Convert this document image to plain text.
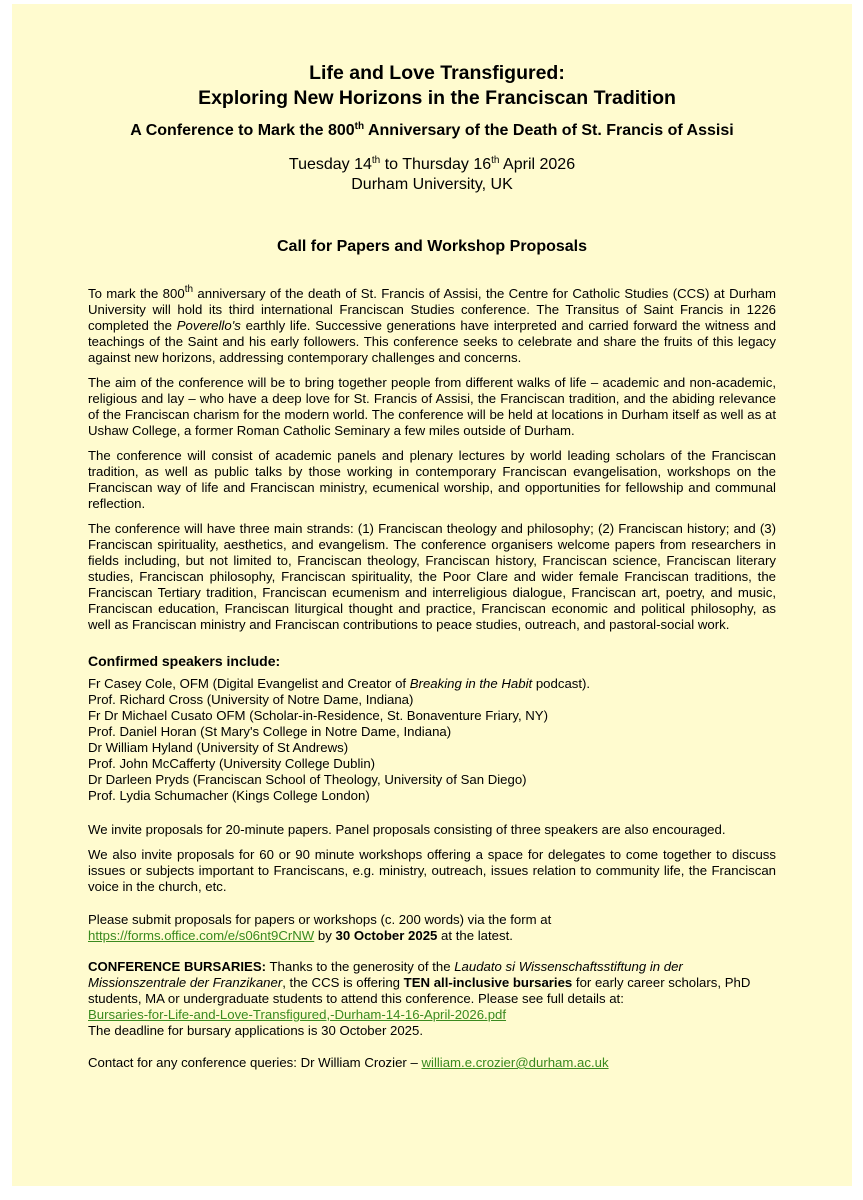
Life and Love Transfigured:
Exploring New Horizons in the Franciscan Tradition
A Conference to Mark the 800th Anniversary of the Death of St. Francis of Assisi
Tuesday 14th to Thursday 16th April 2026
Durham University, UK
Call for Papers and Workshop Proposals

To mark the 800th anniversary of the death of St. Francis of Assisi, the Centre for Catholic Studies (CCS) at Durham University will hold its third international Franciscan Studies conference. The Transitus of Saint Francis in 1226 completed the Poverello's earthly life. Successive generations have interpreted and carried forward the witness and teachings of the Saint and his early followers. This conference seeks to celebrate and share the fruits of this legacy against new horizons, addressing contemporary challenges and concerns.

The aim of the conference will be to bring together people from different walks of life – academic and non-academic, religious and lay – who have a deep love for St. Francis of Assisi, the Franciscan tradition, and the abiding relevance of the Franciscan charism for the modern world. The conference will be held at locations in Durham itself as well as at Ushaw College, a former Roman Catholic Seminary a few miles outside of Durham.

The conference will consist of academic panels and plenary lectures by world leading scholars of the Franciscan tradition, as well as public talks by those working in contemporary Franciscan evangelisation, workshops on the Franciscan way of life and Franciscan ministry, ecumenical worship, and opportunities for fellowship and communal reflection.

The conference will have three main strands: (1) Franciscan theology and philosophy; (2) Franciscan history; and (3) Franciscan spirituality, aesthetics, and evangelism. The conference organisers welcome papers from researchers in fields including, but not limited to, Franciscan theology, Franciscan history, Franciscan science, Franciscan literary studies, Franciscan philosophy, Franciscan spirituality, the Poor Clare and wider female Franciscan traditions, the Franciscan Tertiary tradition, Franciscan ecumenism and interreligious dialogue, Franciscan art, poetry, and music, Franciscan education, Franciscan liturgical thought and practice, Franciscan economic and political philosophy, as well as Franciscan ministry and Franciscan contributions to peace studies, outreach, and pastoral-social work.

Confirmed speakers include:
Fr Casey Cole, OFM (Digital Evangelist and Creator of Breaking in the Habit podcast).
Prof. Richard Cross (University of Notre Dame, Indiana)
Fr Dr Michael Cusato OFM (Scholar-in-Residence, St. Bonaventure Friary, NY)
Prof. Daniel Horan (St Mary's College in Notre Dame, Indiana)
Dr William Hyland (University of St Andrews)
Prof. John McCafferty (University College Dublin)
Dr Darleen Pryds (Franciscan School of Theology, University of San Diego)
Prof. Lydia Schumacher (Kings College London)

We invite proposals for 20-minute papers. Panel proposals consisting of three speakers are also encouraged.

We also invite proposals for 60 or 90 minute workshops offering a space for delegates to come together to discuss issues or subjects important to Franciscans, e.g. ministry, outreach, issues relation to community life, the Franciscan voice in the church, etc.

Please submit proposals for papers or workshops (c. 200 words) via the form at
https://forms.office.com/e/s06nt9CrNW by 30 October 2025 at the latest.

CONFERENCE BURSARIES: Thanks to the generosity of the Laudato si Wissenschaftsstiftung in der Missionszentrale der Franzikaner, the CCS is offering TEN all-inclusive bursaries for early career scholars, PhD students, MA or undergraduate students to attend this conference. Please see full details at:
Bursaries-for-Life-and-Love-Transfigured,-Durham-14-16-April-2026.pdf
The deadline for bursary applications is 30 October 2025.

Contact for any conference queries: Dr William Crozier – william.e.crozier@durham.ac.uk
